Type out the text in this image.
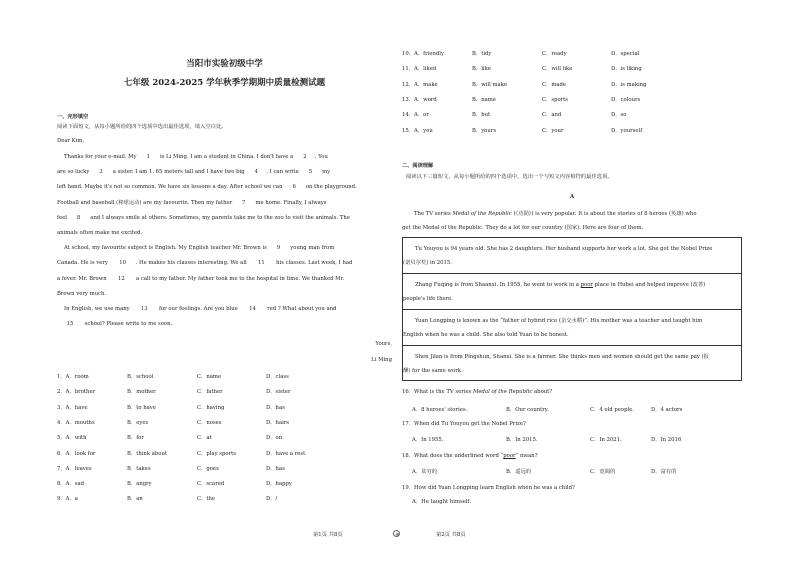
当阳市实验初级中学
七年级 2024-2025 学年秋季学期期中质量检测试题
一、完形填空
阅读下面短文，从每小题所给的四个选项中选出最佳选项，填入空白处。
Dear Kim,
Thanks for your e-mail. My 1 is Li Ming. I am a student in China. I don't have a 2 . You
are so lucky 3 a sister. I am 1. 65 meters tall and I have two big 4 . I can write 5 my
left hand. Maybe it's not so common. We have six lessons a day. After school we can 6 on the playground.
Football and baseball (棒球运动) are my favourite. Then my father 7 me home. Finally, I always
feel 8 and I always smile at others. Sometimes, my parents take me to the zoo to visit the animals. The
animals often make me excited.
At school, my favourite subject is English. My English teacher Mr. Brown is 9 young man from
Canada. He is very 10 . He makes his classes interesting. We all 11 his classes. Last week, I had
a fever. Mr. Brown 12 a call to my father. My father took me to the hospital in time. We thanked Mr.
Brown very much.
In English, we use many 13 for our feelings. Are you blue 14 red ? What about you and
15 school? Please write to me soon.
Yours,
Li Ming
1．A．room	B．school	C．name	D．class
2．A．brother	B．mother	C．father	D．sister
3．A．have	B．to have	C．having	D．has
4．A．mouths	B．eyes	C．noses	D．hairs
5．A．with	B．for	C．at	D．on
6．A．look for	B．think about	C．play sports	D．have a rest
7．A．leaves	B．takes	C．goes	D．has
8．A．sad	B．angry	C．scared	D．happy
9．A．a	B．an	C．the	D．/
10．A．friendly	B．tidy	C．ready	D．special
11．A．liked	B．like	C．will like	D．is liking
12．A．make	B．will make	C．made	D．is making
13．A．word	B．name	C．sports	D．colours
14．A．or	B．but	C．and	D．so
15．A．you	B．yours	C．your	D．yourself
二、阅读理解
阅读以下三篇短文，从每小题所给的四个选项中，选出一个与短文内容相符的最佳选项。
A
The TV series Medal of the Republic (《功勋》) is very popular. It is about the stories of 8 heroes (英雄) who
get the Medal of the Republic. They do a lot for our country (国家). Here are four of them.
Tu Youyou is 94 years old. She has 2 daughters. Her husband supports her work a lot. She got the Nobel Prize
(诺贝尔奖) in 2015.
Zhang Fuqing is from Shaanxi. In 1955, he went to work in a poor place in Hubei and helped improve (改善)
people's life there.
Yuan Longping is known as the “father of hybrid rice (杂交水稻)”. His mother was a teacher and taught him
English when he was a child. She also told Yuan to be honest.
Shen Jilan is from Pingshun, Shanxi. She is a farmer. She thinks men and women should get the same pay (报
酬) for the same work.
16．What is the TV series Medal of the Republic about?
A．8 heroes' stories.	B．Our country.	C．4 old people.	D．4 actors
17．When did Tu Youyou get the Nobel Prize?
A．In 1955.	B．In 2015.	C．In 2021.	D．In 2016
18．What does the underlined word “poor” mean?
A．贫穷的	B．遥远的	C．宽阔的	D．富有的
19．How did Yuan Longping learn English when he was a child?
A．He taught himself.
第1页 共8页	第2页 共8页
